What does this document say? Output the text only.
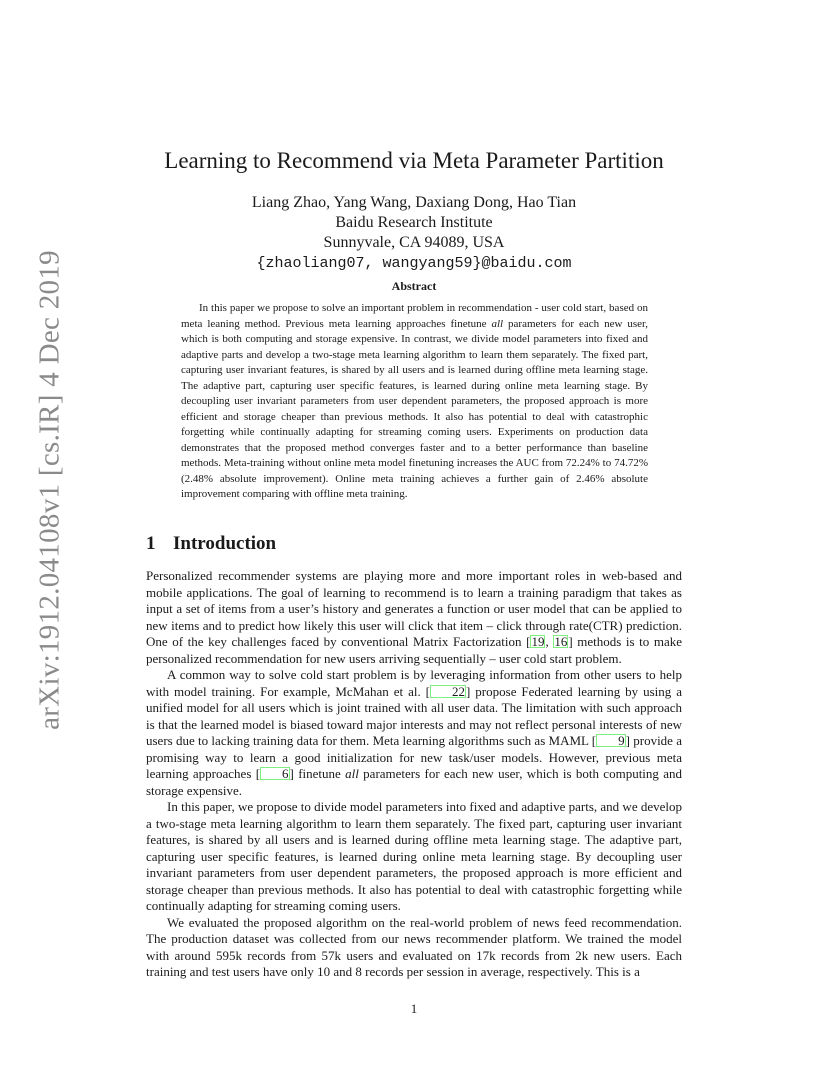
arXiv:1912.04108v1 [cs.IR] 4 Dec 2019
Learning to Recommend via Meta Parameter Partition
Liang Zhao, Yang Wang, Daxiang Dong, Hao Tian
Baidu Research Institute
Sunnyvale, CA 94089, USA
{zhaoliang07, wangyang59}@baidu.com
Abstract

In this paper we propose to solve an important problem in recommendation - user cold start, based on meta leaning method. Previous meta learning approaches finetune all parameters for each new user, which is both computing and storage expensive. In contrast, we divide model parameters into fixed and adaptive parts and develop a two-stage meta learning algorithm to learn them separately. The fixed part, capturing user invariant features, is shared by all users and is learned during offline meta learning stage. The adaptive part, capturing user specific features, is learned during online meta learning stage. By decoupling user invariant parameters from user dependent parameters, the proposed approach is more efficient and storage cheaper than previous methods. It also has potential to deal with catastrophic forgetting while continually adapting for streaming coming users. Experiments on production data demonstrates that the proposed method converges faster and to a better performance than baseline methods. Meta-training without online meta model finetuning increases the AUC from 72.24% to 74.72% (2.48% absolute improvement). Online meta training achieves a further gain of 2.46% absolute improvement comparing with offline meta training.

1 Introduction

Personalized recommender systems are playing more and more important roles in web-based and mobile applications. The goal of learning to recommend is to learn a training paradigm that takes as input a set of items from a user’s history and generates a function or user model that can be applied to new items and to predict how likely this user will click that item – click through rate(CTR) prediction. One of the key challenges faced by conventional Matrix Factorization [19, 16] methods is to make personalized recommendation for new users arriving sequentially – user cold start problem.

A common way to solve cold start problem is by leveraging information from other users to help with model training. For example, McMahan et al. [ 22] propose Federated learning by using a unified model for all users which is joint trained with all user data. The limitation with such approach is that the learned model is biased toward major interests and may not reflect personal interests of new users due to lacking training data for them. Meta learning algorithms such as MAML [ 9] provide a promising way to learn a good initialization for new task/user models. However, previous meta learning approaches [ 6] finetune all parameters for each new user, which is both computing and storage expensive.

In this paper, we propose to divide model parameters into fixed and adaptive parts, and we develop a two-stage meta learning algorithm to learn them separately. The fixed part, capturing user invariant features, is shared by all users and is learned during offline meta learning stage. The adaptive part, capturing user specific features, is learned during online meta learning stage. By decoupling user invariant parameters from user dependent parameters, the proposed approach is more efficient and storage cheaper than previous methods. It also has potential to deal with catastrophic forgetting while continually adapting for streaming coming users.

We evaluated the proposed algorithm on the real-world problem of news feed recommendation. The production dataset was collected from our news recommender platform. We trained the model with around 595k records from 57k users and evaluated on 17k records from 2k new users. Each training and test users have only 10 and 8 records per session in average, respectively. This is a

1
